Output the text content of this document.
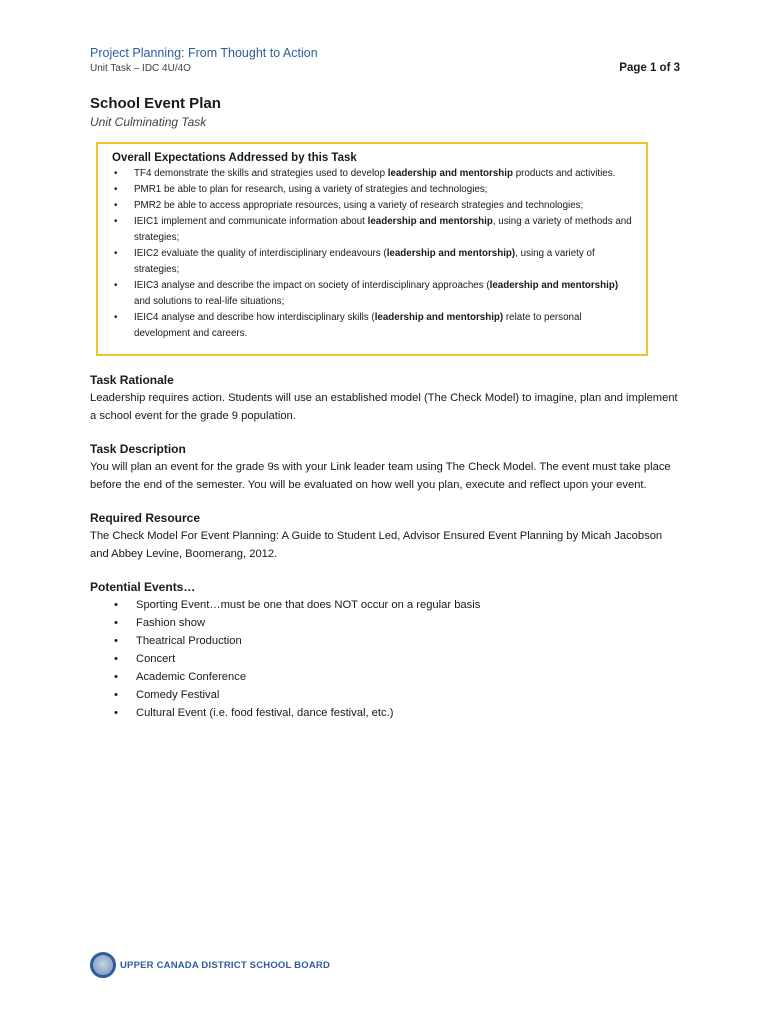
Project Planning: From Thought to Action
Unit Task – IDC 4U/4O	Page 1 of 3
School Event Plan
Unit Culminating Task
Overall Expectations Addressed by this Task
• TF4 demonstrate the skills and strategies used to develop leadership and mentorship products and activities.
• PMR1 be able to plan for research, using a variety of strategies and technologies;
• PMR2 be able to access appropriate resources, using a variety of research strategies and technologies;
• IEIC1 implement and communicate information about leadership and mentorship, using a variety of methods and strategies;
• IEIC2 evaluate the quality of interdisciplinary endeavours (leadership and mentorship), using a variety of strategies;
• IEIC3 analyse and describe the impact on society of interdisciplinary approaches (leadership and mentorship) and solutions to real-life situations;
• IEIC4 analyse and describe how interdisciplinary skills (leadership and mentorship) relate to personal development and careers.
Task Rationale
Leadership requires action. Students will use an established model (The Check Model) to imagine, plan and implement a school event for the grade 9 population.
Task Description
You will plan an event for the grade 9s with your Link leader team using The Check Model. The event must take place before the end of the semester. You will be evaluated on how well you plan, execute and reflect upon your event.
Required Resource
The Check Model For Event Planning: A Guide to Student Led, Advisor Ensured Event Planning by Micah Jacobson and Abbey Levine, Boomerang, 2012.
Potential Events…
• Sporting Event…must be one that does NOT occur on a regular basis
• Fashion show
• Theatrical Production
• Concert
• Academic Conference
• Comedy Festival
• Cultural Event (i.e. food festival, dance festival, etc.)
UPPER CANADA DISTRICT SCHOOL BOARD
